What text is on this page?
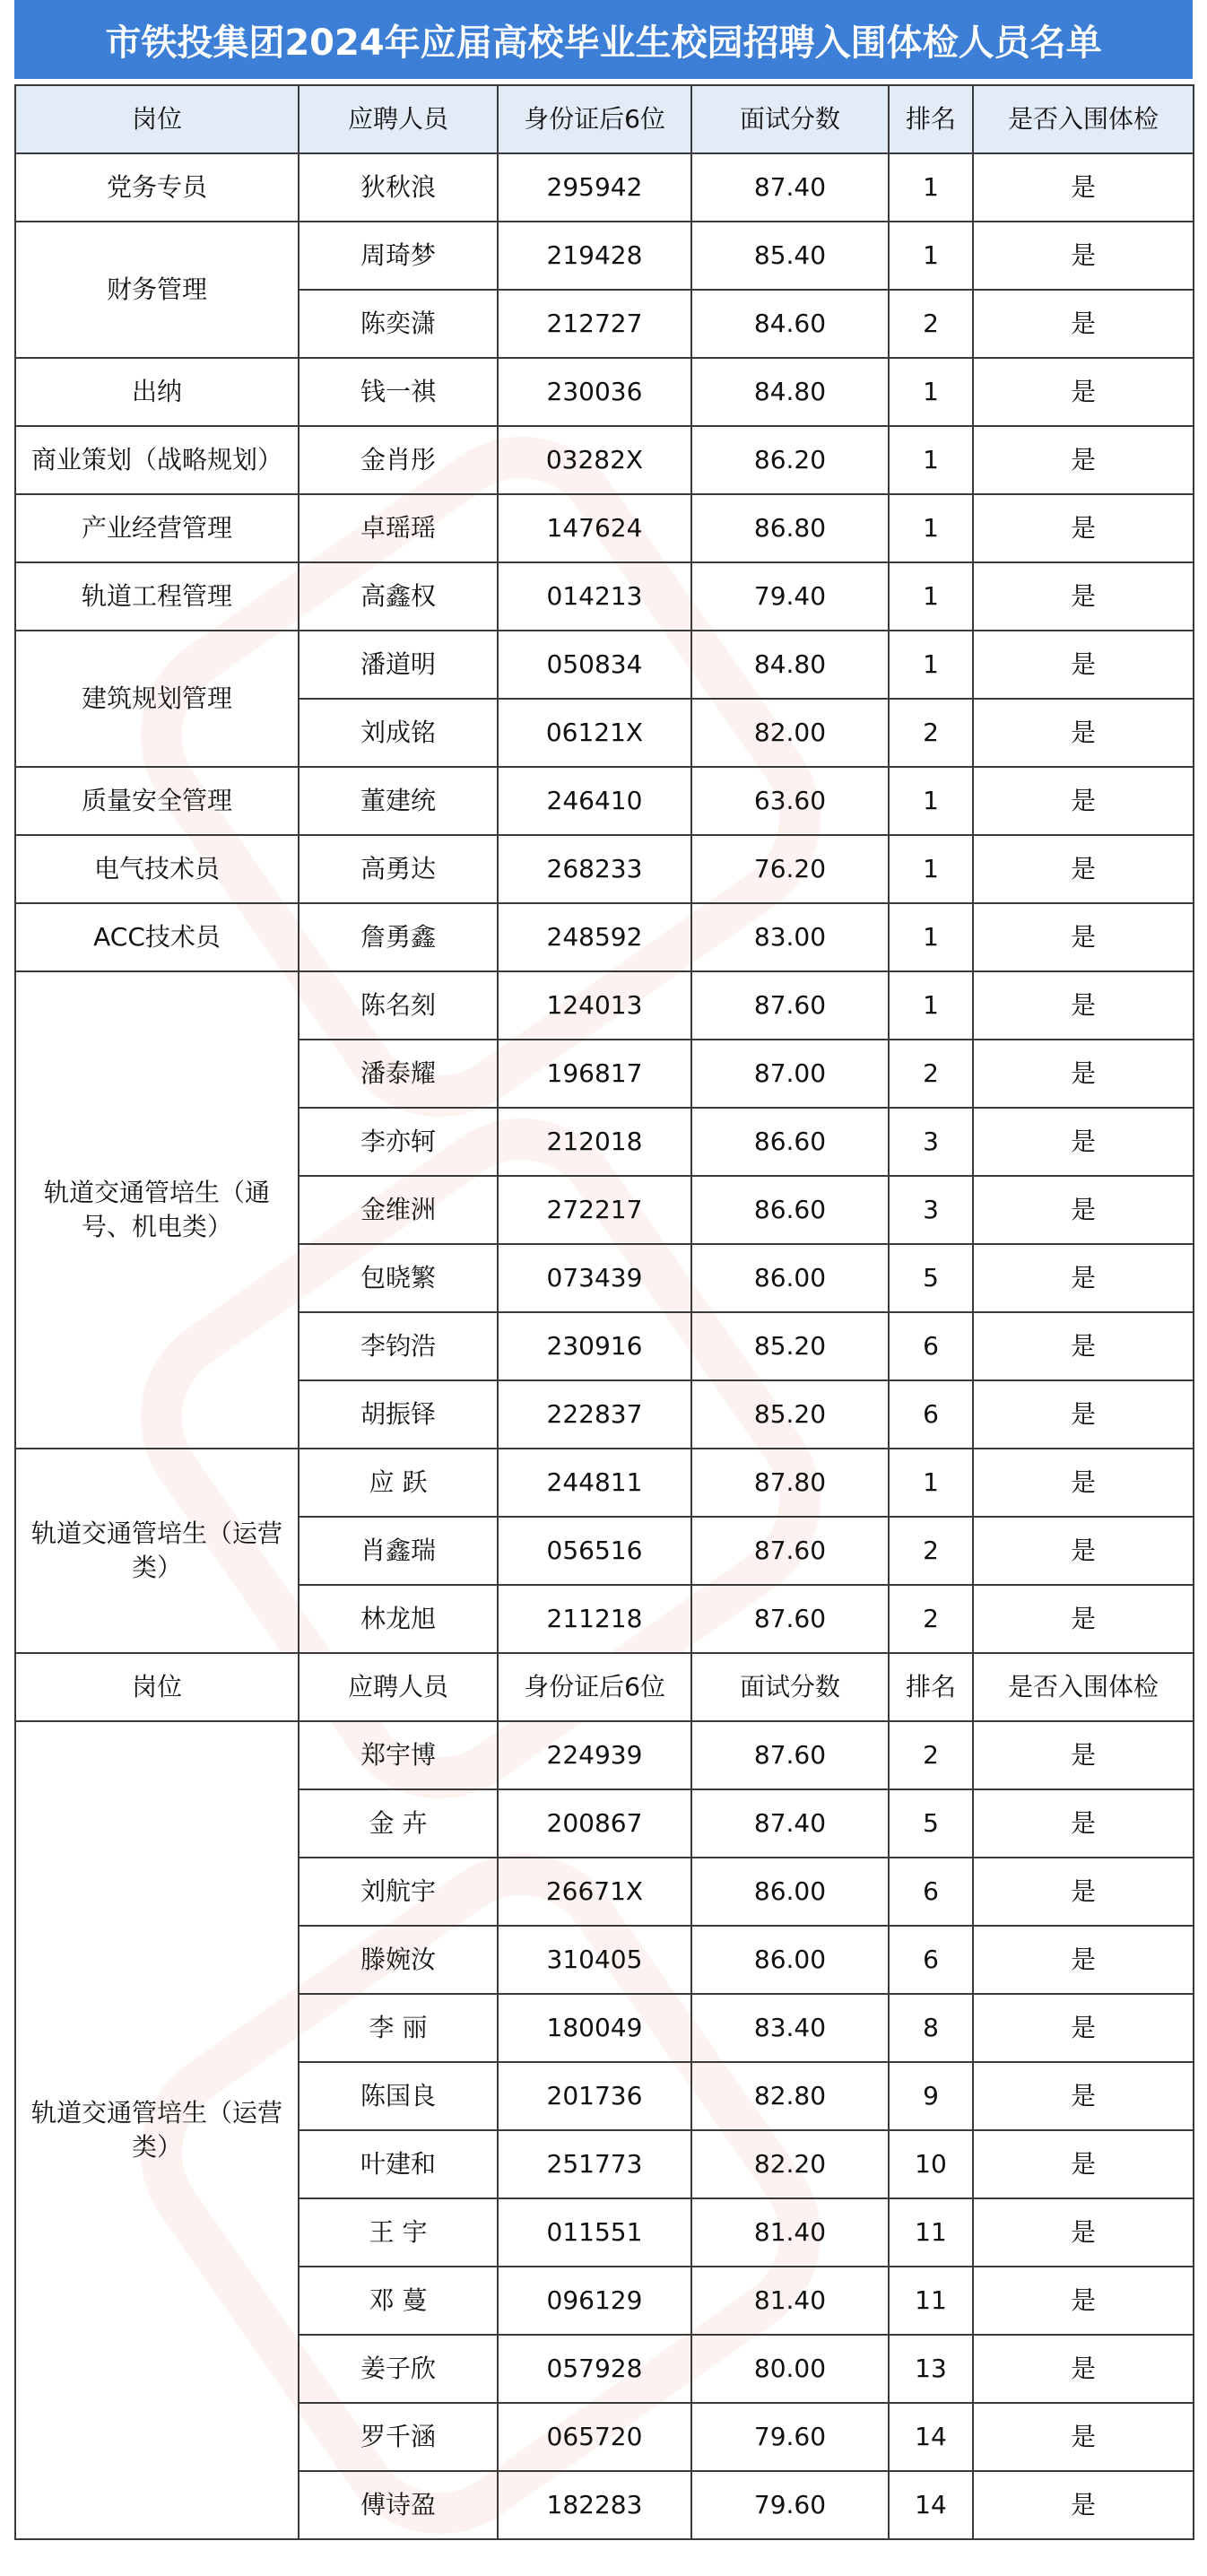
市铁投集团2024年应届高校毕业生校园招聘入围体检人员名单
岗位	应聘人员	身份证后6位	面试分数	排名	是否入围体检
党务专员	狄秋浪	295942	87.40	1	是
财务管理	周琦梦	219428	85.40	1	是
	陈奕潇	212727	84.60	2	是
出纳	钱一祺	230036	84.80	1	是
商业策划（战略规划）	金肖彤	03282X	86.20	1	是
产业经营管理	卓瑶瑶	147624	86.80	1	是
轨道工程管理	高鑫权	014213	79.40	1	是
建筑规划管理	潘道明	050834	84.80	1	是
	刘成铭	06121X	82.00	2	是
质量安全管理	董建统	246410	63.60	1	是
电气技术员	高勇达	268233	76.20	1	是
ACC技术员	詹勇鑫	248592	83.00	1	是
轨道交通管培生（通号、机电类）	陈名刻	124013	87.60	1	是
	潘泰耀	196817	87.00	2	是
	李亦轲	212018	86.60	3	是
	金维洲	272217	86.60	3	是
	包晓繁	073439	86.00	5	是
	李钧浩	230916	85.20	6	是
	胡振铎	222837	85.20	6	是
轨道交通管培生（运营类）	应 跃	244811	87.80	1	是
	肖鑫瑞	056516	87.60	2	是
	林龙旭	211218	87.60	2	是
岗位	应聘人员	身份证后6位	面试分数	排名	是否入围体检
轨道交通管培生（运营类）	郑宇博	224939	87.60	2	是
	金 卉	200867	87.40	5	是
	刘航宇	26671X	86.00	6	是
	滕婉汝	310405	86.00	6	是
	李 丽	180049	83.40	8	是
	陈国良	201736	82.80	9	是
	叶建和	251773	82.20	10	是
	王 宇	011551	81.40	11	是
	邓 蔓	096129	81.40	11	是
	姜子欣	057928	80.00	13	是
	罗千涵	065720	79.60	14	是
	傅诗盈	182283	79.60	14	是
